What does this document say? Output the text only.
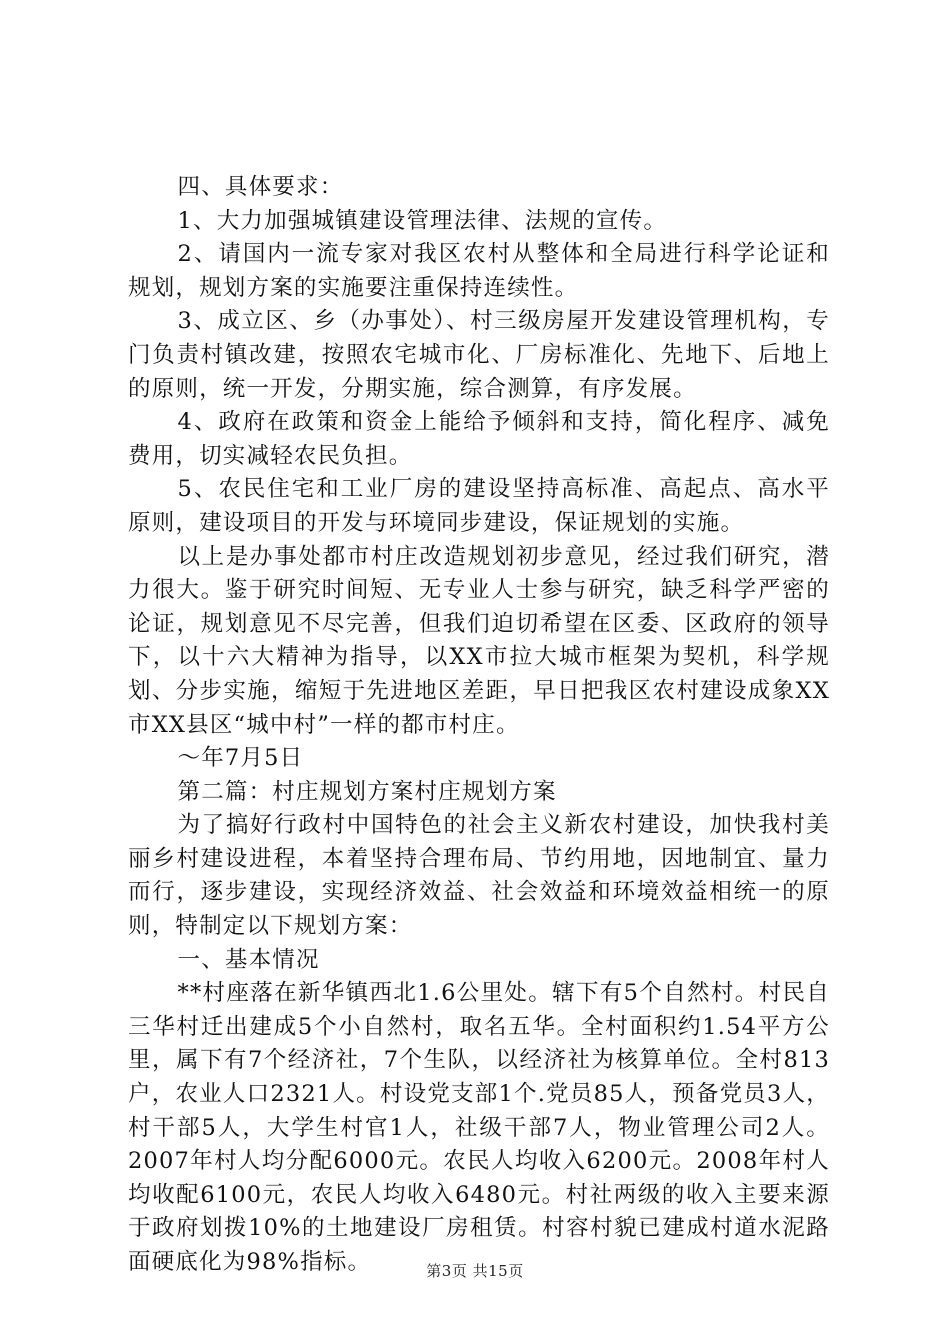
四、具体要求：

1、大力加强城镇建设管理法律、法规的宣传。

2、请国内一流专家对我区农村从整体和全局进行科学论证和规划，规划方案的实施要注重保持连续性。

3、成立区、乡（办事处）、村三级房屋开发建设管理机构，专门负责村镇改建，按照农宅城市化、厂房标准化、先地下、后地上的原则，统一开发，分期实施，综合测算，有序发展。

4、政府在政策和资金上能给予倾斜和支持，简化程序、减免费用，切实减轻农民负担。

5、农民住宅和工业厂房的建设坚持高标准、高起点、高水平原则，建设项目的开发与环境同步建设，保证规划的实施。

以上是办事处都市村庄改造规划初步意见，经过我们研究，潜力很大。鉴于研究时间短、无专业人士参与研究，缺乏科学严密的论证，规划意见不尽完善，但我们迫切希望在区委、区政府的领导下，以十六大精神为指导，以XX市拉大城市框架为契机，科学规划、分步实施，缩短于先进地区差距，早日把我区农村建设成象XX市XX县区“城中村”一样的都市村庄。

～年7月5日

第二篇：村庄规划方案村庄规划方案

为了搞好行政村中国特色的社会主义新农村建设，加快我村美丽乡村建设进程，本着坚持合理布局、节约用地，因地制宜、量力而行，逐步建设，实现经济效益、社会效益和环境效益相统一的原则，特制定以下规划方案：

一、基本情况

**村座落在新华镇西北1.6公里处。辖下有5个自然村。村民自三华村迁出建成5个小自然村，取名五华。全村面积约1.54平方公里，属下有7个经济社，7个生队，以经济社为核算单位。全村813户，农业人口2321人。村设党支部1个.党员85人，预备党员3人，村干部5人，大学生村官1人，社级干部7人，物业管理公司2人。2007年村人均分配6000元。农民人均收入6200元。2008年村人均收配6100元，农民人均收入6480元。村社两级的收入主要来源于政府划拨10%的土地建设厂房租赁。村容村貌已建成村道水泥路面硬底化为98%指标。	第3页 共15页
